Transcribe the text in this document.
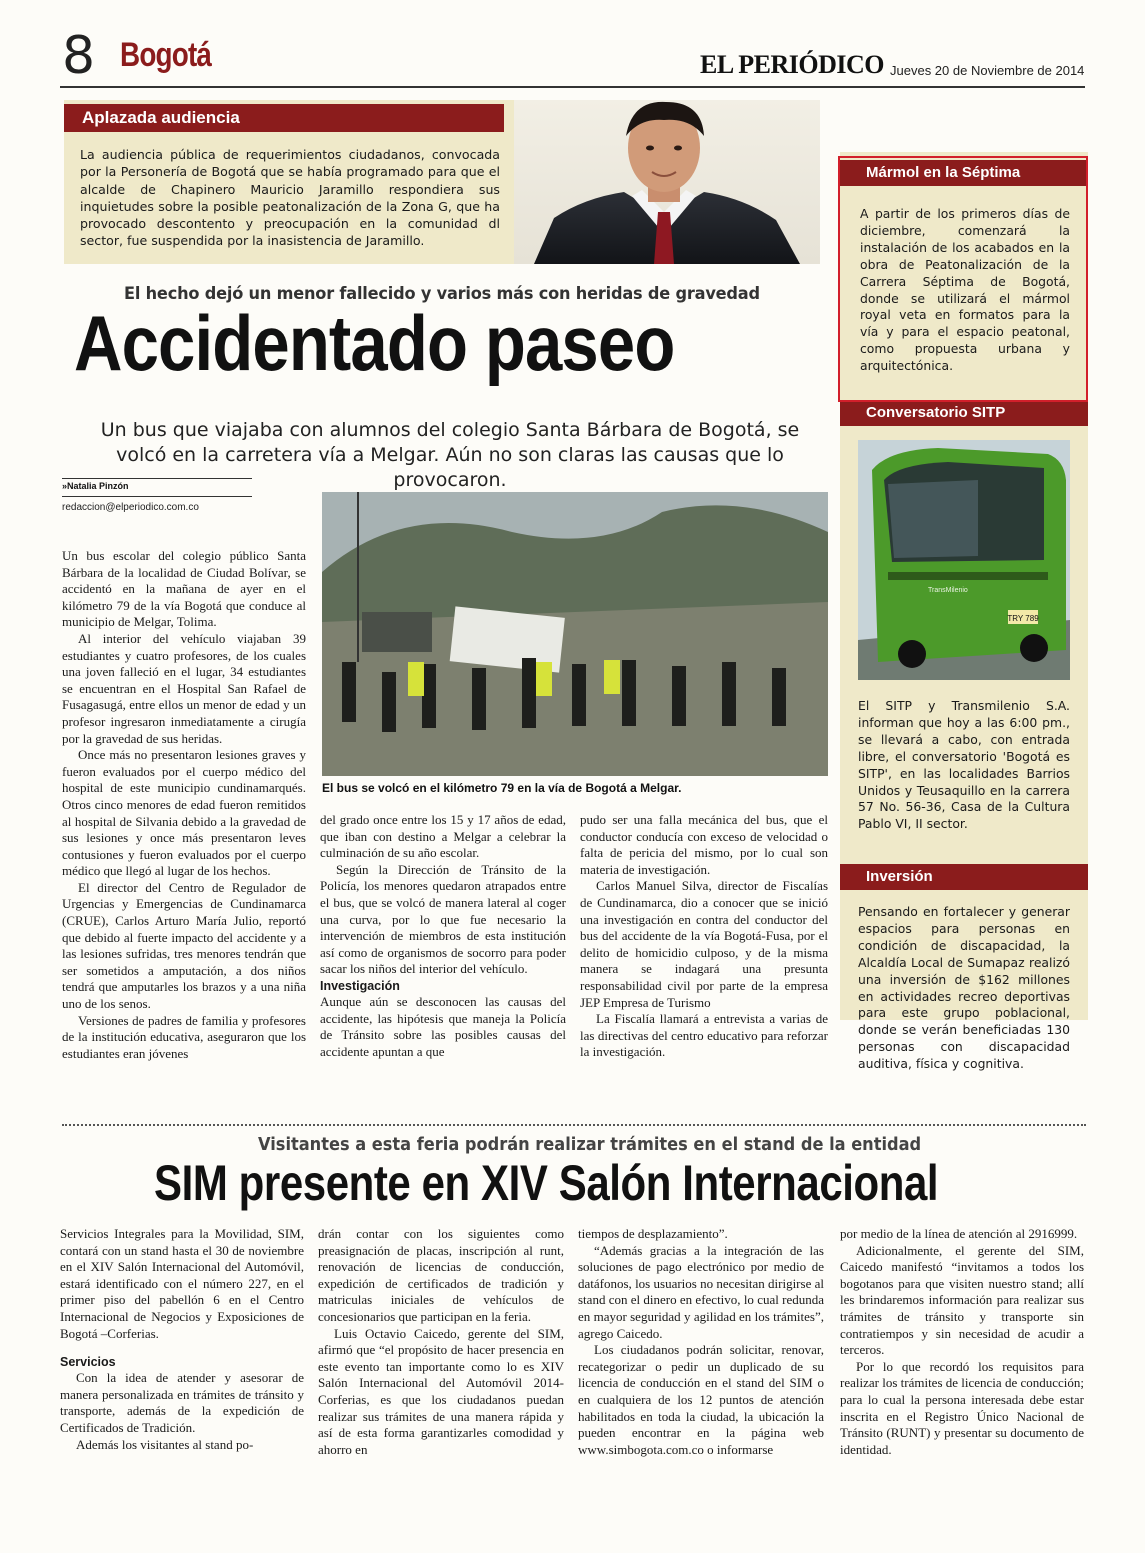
8 Bogotá	EL PERIÓDICO Jueves 20 de Noviembre de 2014
Aplazada audiencia
La audiencia pública de requerimientos ciudadanos, convocada por la Personería de Bogotá que se había programado para que el alcalde de Chapinero Mauricio Jaramillo respondiera sus inquietudes sobre la posible peatonalización de la Zona G, que ha provocado descontento y preocupación en la comunidad dl sector, fue suspendida por la inasistencia de Jaramillo.
Mármol en la Séptima
A partir de los primeros días de diciembre, comenzará la instalación de los acabados en la obra de Peatonalización de la Carrera Séptima de Bogotá, donde se utilizará el mármol royal veta en formatos para la vía y para el espacio peatonal, como propuesta urbana y arquitectónica.
Conversatorio SITP
TRY 789
TransMilenio
El SITP y Transmilenio S.A. informan que hoy a las 6:00 pm., se llevará a cabo, con entrada libre, el conversatorio 'Bogotá es SITP', en las localidades Barrios Unidos y Teusaquillo en la carrera 57 No. 56-36, Casa de la Cultura Pablo VI, II sector.
Inversión
Pensando en fortalecer y generar espacios para personas en condición de discapacidad, la Alcaldía Local de Sumapaz realizó una inversión de $162 millones en actividades recreo deportivas para este grupo poblacional, donde se verán beneficiadas 130 personas con discapacidad auditiva, física y cognitiva.
El hecho dejó un menor fallecido y varios más con heridas de gravedad
Accidentado paseo
Un bus que viajaba con alumnos del colegio Santa Bárbara de Bogotá, se volcó en la carretera vía a Melgar. Aún no son claras las causas que lo provocaron.
»Natalia Pinzón
redaccion@elperiodico.com.co
El bus se volcó en el kilómetro 79 en la vía de Bogotá a Melgar.

Un bus escolar del colegio público Santa Bárbara de la localidad de Ciudad Bolívar, se accidentó en la mañana de ayer en el kilómetro 79 de la vía Bogotá que conduce al municipio de Melgar, Tolima.

Al interior del vehículo viajaban 39 estudiantes y cuatro profesores, de los cuales una joven falleció en el lugar, 34 estudiantes se encuentran en el Hospital San Rafael de Fusagasugá, entre ellos un menor de edad y un profesor ingresaron inmediatamente a cirugía por la gravedad de sus heridas.

Once más no presentaron lesiones graves y fueron evaluados por el cuerpo médico del hospital de este municipio cundinamarqués. Otros cinco menores de edad fueron remitidos al hospital de Silvania debido a la gravedad de sus lesiones y once más presentaron leves contusiones y fueron evaluados por el cuerpo médico que llegó al lugar de los hechos.

El director del Centro de Regulador de Urgencias y Emergencias de Cundinamarca (CRUE), Carlos Arturo María Julio, reportó que debido al fuerte impacto del accidente y a las lesiones sufridas, tres menores tendrán que ser sometidos a amputación, a dos niños tendrá que amputarles los brazos y a una niña uno de los senos.

Versiones de padres de familia y profesores de la institución educativa, aseguraron que los estudiantes eran jóvenes

del grado once entre los 15 y 17 años de edad, que iban con destino a Melgar a celebrar la culminación de su año escolar.

Según la Dirección de Tránsito de la Policía, los menores quedaron atrapados entre el bus, que se volcó de manera lateral al coger una curva, por lo que fue necesario la intervención de miembros de esta institución así como de organismos de socorro para poder sacar los niños del interior del vehículo.

Investigación

Aunque aún se desconocen las causas del accidente, las hipótesis que maneja la Policía de Tránsito sobre las posibles causas del accidente apuntan a que

pudo ser una falla mecánica del bus, que el conductor conducía con exceso de velocidad o falta de pericia del mismo, por lo cual son materia de investigación.

Carlos Manuel Silva, director de Fiscalías de Cundinamarca, dio a conocer que se inició una investigación en contra del conductor del bus del accidente de la vía Bogotá-Fusa, por el delito de homicidio culposo, y de la misma manera se indagará una presunta responsabilidad civil por parte de la empresa JEP Empresa de Turismo

La Fiscalía llamará a entrevista a varias de las directivas del centro educativo para reforzar la investigación.

Visitantes a esta feria podrán realizar trámites en el stand de la entidad
SIM presente en XIV Salón Internacional

Servicios Integrales para la Movilidad, SIM, contará con un stand hasta el 30 de noviembre en el XIV Salón Internacional del Automóvil, estará identificado con el número 227, en el primer piso del pabellón 6 en el Centro Internacional de Negocios y Exposiciones de Bogotá –Corferias.

Servicios

Con la idea de atender y asesorar de manera personalizada en trámites de tránsito y transporte, además de la expedición de Certificados de Tradición.

Además los visitantes al stand po-

drán contar con los siguientes como preasignación de placas, inscripción al runt, renovación de licencias de conducción, expedición de certificados de tradición y matriculas iniciales de vehículos de concesionarios que participan en la feria.

Luis Octavio Caicedo, gerente del SIM, afirmó que “el propósito de hacer presencia en este evento tan importante como lo es XIV Salón Internacional del Automóvil 2014-Corferias, es que los ciudadanos puedan realizar sus trámites de una manera rápida y así de esta forma garantizarles comodidad y ahorro en

tiempos de desplazamiento”.

“Además gracias a la integración de las soluciones de pago electrónico por medio de datáfonos, los usuarios no necesitan dirigirse al stand con el dinero en efectivo, lo cual redunda en mayor seguridad y agilidad en los trámites”, agrego Caicedo.

Los ciudadanos podrán solicitar, renovar, recategorizar o pedir un duplicado de su licencia de conducción en el stand del SIM o en cualquiera de los 12 puntos de atención habilitados en toda la ciudad, la ubicación la pueden encontrar en la página web www.simbogota.com.co o informarse

por medio de la línea de atención al 2916999.

Adicionalmente, el gerente del SIM, Caicedo manifestó “invitamos a todos los bogotanos para que visiten nuestro stand; allí les brindaremos información para realizar sus trámites de tránsito y transporte sin contratiempos y sin necesidad de acudir a terceros.

Por lo que recordó los requisitos para realizar los trámites de licencia de conducción; para lo cual la persona interesada debe estar inscrita en el Registro Único Nacional de Tránsito (RUNT) y presentar su documento de identidad.
